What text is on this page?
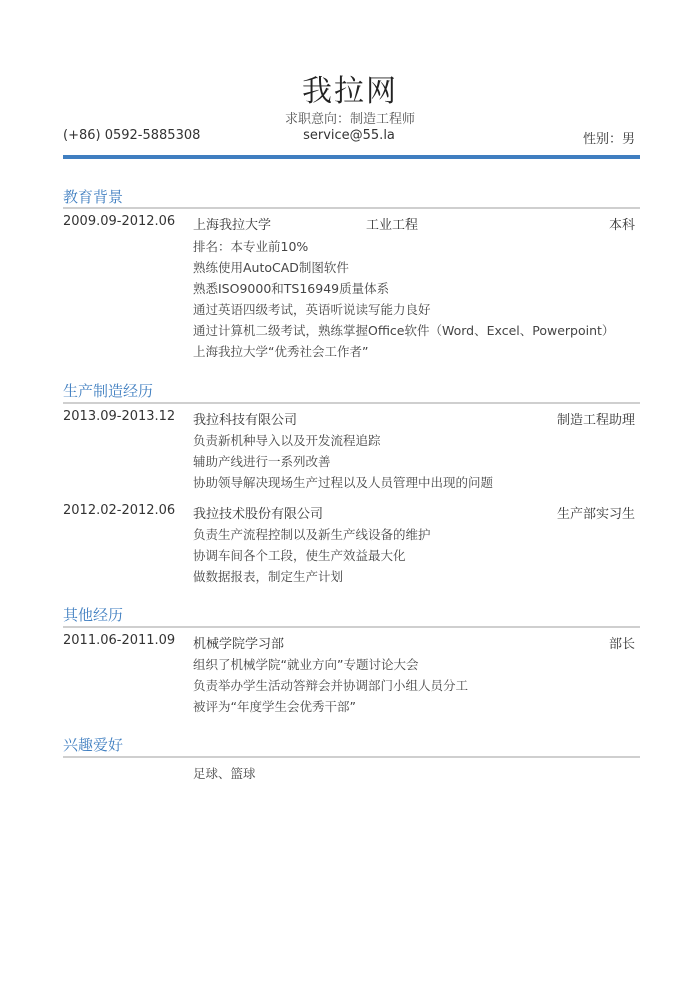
我拉网
求职意向：制造工程师
(+86) 0592-5885308	service@55.la	性别：男
教育背景
2009.09-2012.06 上海我拉大学	工业工程	本科
排名：本专业前10%
熟练使用AutoCAD制图软件
熟悉ISO9000和TS16949质量体系
通过英语四级考试，英语听说读写能力良好
通过计算机二级考试，熟练掌握Office软件（Word、Excel、Powerpoint）
上海我拉大学“优秀社会工作者”
生产制造经历
2013.09-2013.12 我拉科技有限公司	制造工程助理
负责新机种导入以及开发流程追踪
辅助产线进行一系列改善
协助领导解决现场生产过程以及人员管理中出现的问题
2012.02-2012.06 我拉技术股份有限公司	生产部实习生
负责生产流程控制以及新生产线设备的维护
协调车间各个工段，使生产效益最大化
做数据报表，制定生产计划
其他经历
2011.06-2011.09 机械学院学习部	部长
组织了机械学院“就业方向”专题讨论大会
负责举办学生活动答辩会并协调部门小组人员分工
被评为“年度学生会优秀干部”
兴趣爱好
足球、篮球
